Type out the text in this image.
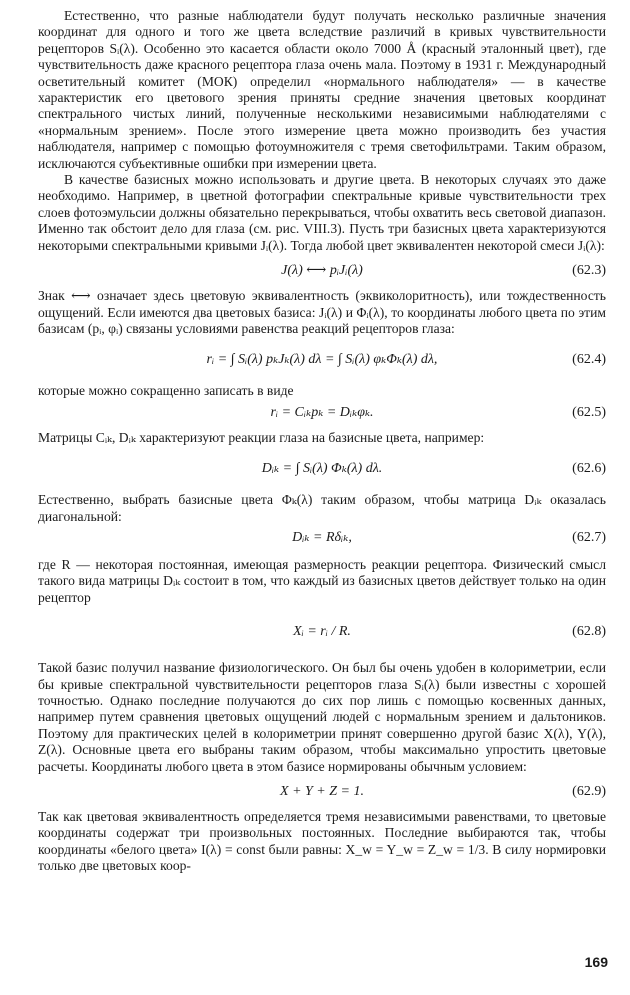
Естественно, что разные наблюдатели будут получать несколько различные значения координат для одного и того же цвета вследствие различий в кривых чувствительности рецепторов Sᵢ(λ). Особенно это касается области около 7000 Å (красный эталонный цвет), где чувствительность даже красного рецептора глаза очень мала. Поэтому в 1931 г. Международный осветительный комитет (МОК) определил «нормального наблюдателя» — в качестве характеристик его цветового зрения приняты средние значения цветовых координат спектрального чистых линий, полученные несколькими независимыми наблюдателями с «нормальным зрением». После этого измерение цвета можно производить без участия наблюдателя, например с помощью фотоумножителя с тремя светофильтрами. Таким образом, исключаются субъективные ошибки при измерении цвета.

В качестве базисных можно использовать и другие цвета. В некоторых случаях это даже необходимо. Например, в цветной фотографии спектральные кривые чувствительности трех слоев фотоэмульсии должны обязательно перекрываться, чтобы охватить весь световой диапазон. Именно так обстоит дело для глаза (см. рис. VIII.3). Пусть три базисных цвета характеризуются некоторыми спектральными кривыми Jᵢ(λ). Тогда любой цвет эквивалентен некоторой смеси Jᵢ(λ):

J(λ) ⟷ pᵢJᵢ(λ)	(62.3)

Знак ⟷ означает здесь цветовую эквивалентность (эквиколоритность), или тождественность ощущений. Если имеются два цветовых базиса: Jᵢ(λ) и Φᵢ(λ), то координаты любого цвета по этим базисам (pᵢ, φᵢ) связаны условиями равенства реакций рецепторов глаза:

rᵢ = ∫ Sᵢ(λ) pₖJₖ(λ) dλ = ∫ Sᵢ(λ) φₖΦₖ(λ) dλ,	(62.4)

которые можно сокращенно записать в виде

rᵢ = Cᵢₖpₖ = Dᵢₖφₖ.	(62.5)

Матрицы Cᵢₖ, Dᵢₖ характеризуют реакции глаза на базисные цвета, например:

Dᵢₖ = ∫ Sᵢ(λ) Φₖ(λ) dλ.	(62.6)

Естественно, выбрать базисные цвета Φₖ(λ) таким образом, чтобы матрица Dᵢₖ оказалась диагональной:

Dᵢₖ = Rδᵢₖ,	(62.7)

где R — некоторая постоянная, имеющая размерность реакции рецептора. Физический смысл такого вида матрицы Dᵢₖ состоит в том, что каждый из базисных цветов действует только на один рецептор

Xᵢ = rᵢ / R.	(62.8)

Такой базис получил название физиологического. Он был бы очень удобен в колориметрии, если бы кривые спектральной чувствительности рецепторов глаза Sᵢ(λ) были известны с хорошей точностью. Однако последние получаются до сих пор лишь с помощью косвенных данных, например путем сравнения цветовых ощущений людей с нормальным зрением и дальтоников. Поэтому для практических целей в колориметрии принят совершенно другой базис X(λ), Y(λ), Z(λ). Основные цвета его выбраны таким образом, чтобы максимально упростить цветовые расчеты. Координаты любого цвета в этом базисе нормированы обычным условием:

X + Y + Z = 1.	(62.9)

Так как цветовая эквивалентность определяется тремя независимыми равенствами, то цветовые координаты содержат три произвольных постоянных. Последние выбираются так, чтобы координаты «белого цвета» I(λ) = const были равны: X_w = Y_w = Z_w = 1/3. В силу нормировки только две цветовых коор-

169
